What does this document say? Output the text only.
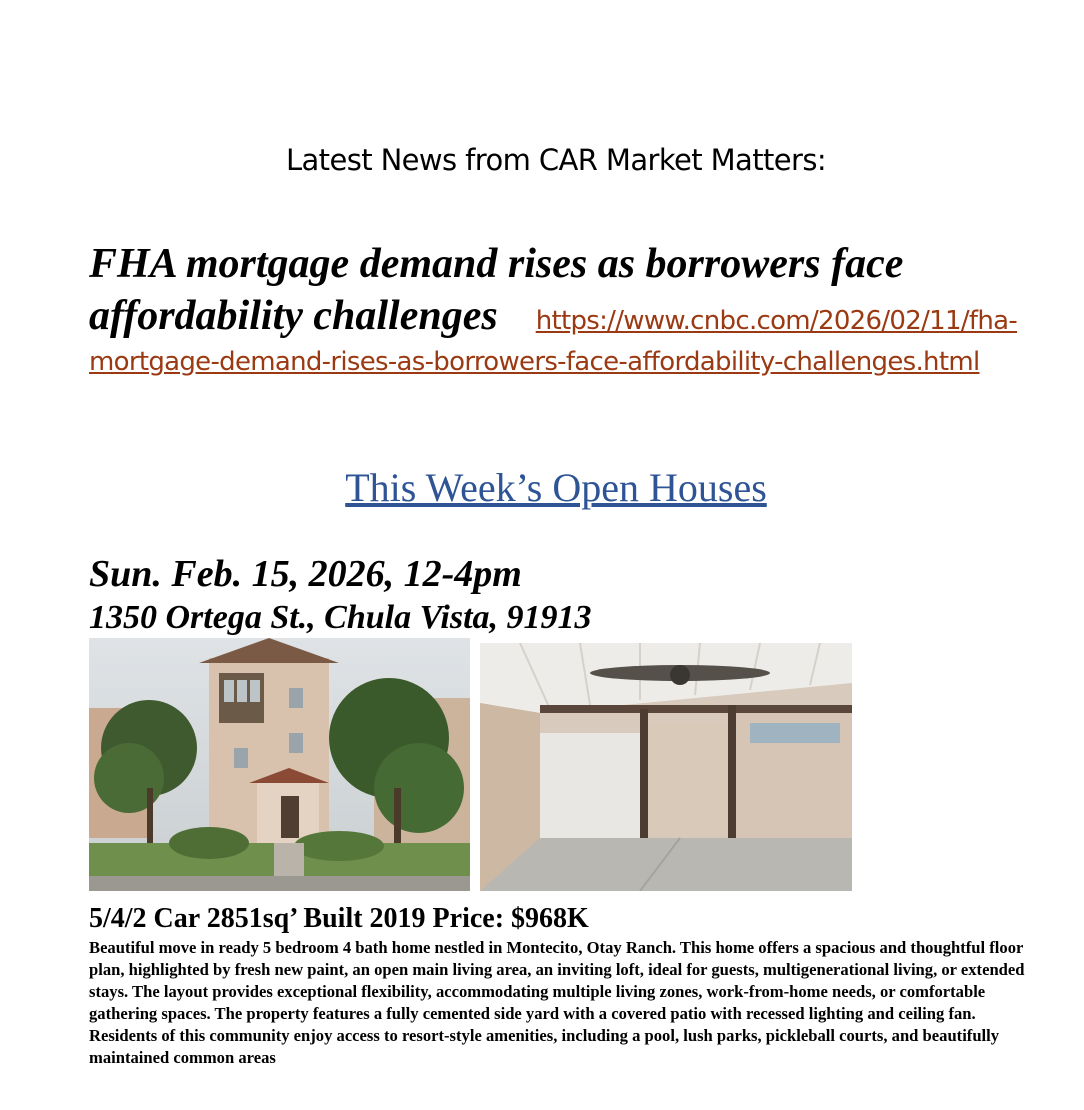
Latest News from CAR Market Matters:
FHA mortgage demand rises as borrowers face affordability challenges https://www.cnbc.com/2026/02/11/fha-mortgage-demand-rises-as-borrowers-face-affordability-challenges.html
This Week’s Open Houses
Sun. Feb. 15, 2026, 12-4pm
1350 Ortega St., Chula Vista, 91913
5/4/2 Car 2851sq’ Built 2019 Price: $968K
Beautiful move in ready 5 bedroom 4 bath home nestled in Montecito, Otay Ranch. This home offers a spacious and thoughtful floor plan, highlighted by fresh new paint, an open main living area, an inviting loft, ideal for guests, multigenerational living, or extended stays. The layout provides exceptional flexibility, accommodating multiple living zones, work-from-home needs, or comfortable gathering spaces. The property features a fully cemented side yard with a covered patio with recessed lighting and ceiling fan. Residents of this community enjoy access to resort-style amenities, including a pool, lush parks, pickleball courts, and beautifully maintained common areas
